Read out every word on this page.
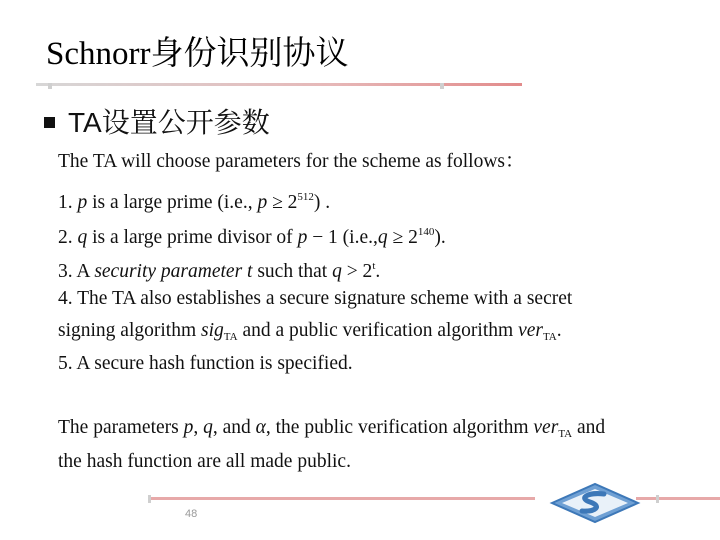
Schnorr身份识别协议
TA设置公开参数
The TA will choose parameters for the scheme as follows：
1. p is a large prime (i.e., $p \ge 2^{512}$) .
2. q is a large prime divisor of p − 1 $(i.e.,q \ge 2^{140})$.
3. A security parameter t such that $q > 2^t$.
4. The TA also establishes a secure signature scheme with a secret
signing algorithm sig$_{TA}$ and a public verification algorithm ver$_{TA}$.
5. A secure hash function is specified.
The parameters p, q, and α, the public verification algorithm ver$_{TA}$ and
the hash function are all made public.
48
